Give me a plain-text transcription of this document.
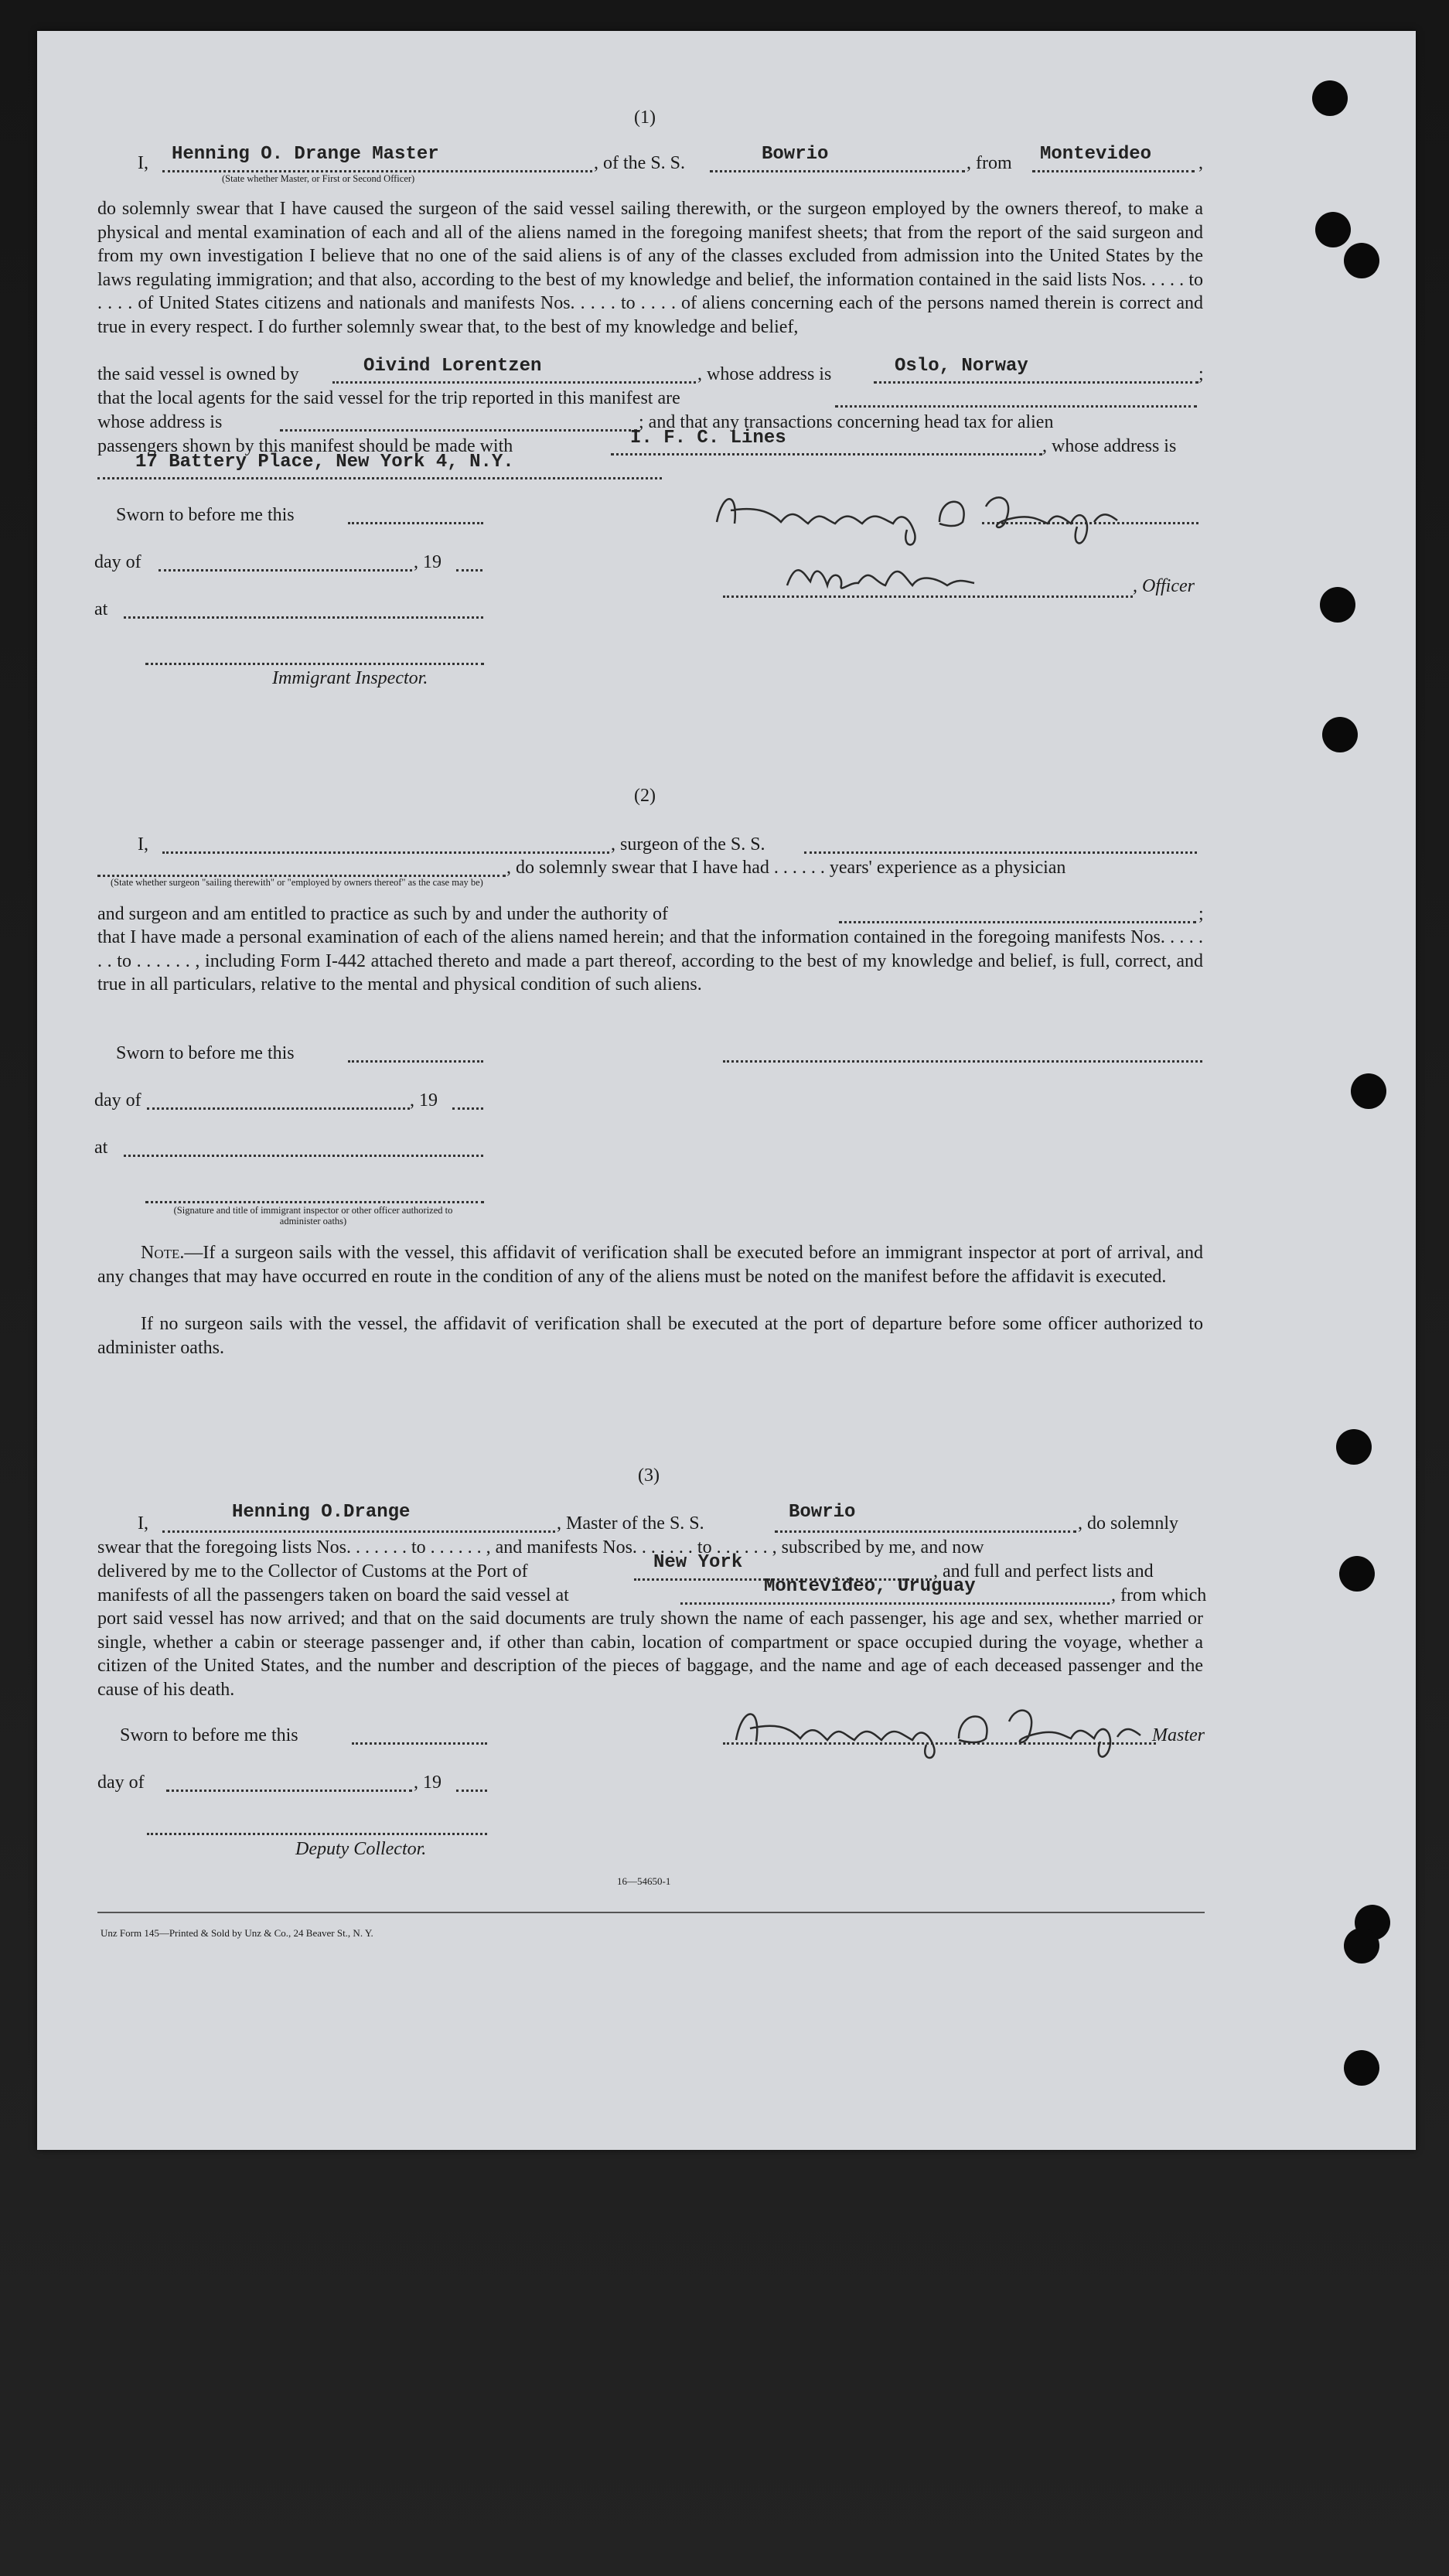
(1)
I, Henning O. Drange Master	, of the S. S.	Bowrio	, from Montevideo	,
(State whether Master, or First or Second Officer)
do solemnly swear that I have caused the surgeon of the said vessel sailing therewith, or the surgeon employed by the owners thereof, to make a physical and mental examination of each and all of the aliens named in the foregoing manifest sheets; that from the report of the said surgeon and from my own investigation I believe that no one of the said aliens is of any of the classes excluded from admission into the United States by the laws regulating immigration; and that also, according to the best of my knowledge and belief, the information contained in the said lists Nos. . . . . to . . . . of United States citizens and nationals and manifests Nos. . . . . to . . . . of aliens concerning each of the persons named therein is correct and true in every respect. I do further solemnly swear that, to the best of my knowledge and belief,
the said vessel is owned by	Oivind Lorentzen	, whose address is	Oslo, Norway	;
that the local agents for the said vessel for the trip reported in this manifest are
whose address is	; and that any transactions concerning head tax for alien
passengers shown by this manifest should be made with	I. F. C. Lines	, whose address is
17 Battery Place, New York 4, N.Y.
Sworn to before me this
day of	, 19
at
Immigrant Inspector.
, Officer
(2)
I,	, surgeon of the S. S.
, do solemnly swear that I have had . . . . . . years' experience as a physician
(State whether surgeon "sailing therewith" or "employed by owners thereof" as the case may be)
and surgeon and am entitled to practice as such by and under the authority of	;
that I have made a personal examination of each of the aliens named herein; and that the information contained in the foregoing manifests Nos. . . . . . . to . . . . . . , including Form I-442 attached thereto and made a part thereof, according to the best of my knowledge and belief, is full, correct, and true in all particulars, relative to the mental and physical condition of such aliens.
Sworn to before me this
day of	, 19
at
(Signature and title of immigrant inspector or other officer authorized to administer oaths)
Note.—If a surgeon sails with the vessel, this affidavit of verification shall be executed before an immigrant inspector at port of arrival, and any changes that may have occurred en route in the condition of any of the aliens must be noted on the manifest before the affidavit is executed.
If no surgeon sails with the vessel, the affidavit of verification shall be executed at the port of departure before some officer authorized to administer oaths.
(3)
I,
Henning O.Drange
, Master of the S. S.
Bowrio
, do solemnly
swear that the foregoing lists Nos. . . . . . . to . . . . . . , and manifests Nos. . . . . . . to . . . . . . , subscribed by me, and now
delivered by me to the Collector of Customs at the Port of	New York	, and full and perfect lists and
manifests of all the passengers taken on board the said vessel at	Montevideo, Uruguay	, from which
port said vessel has now arrived; and that on the said documents are truly shown the name of each passenger, his age and sex, whether married or single, whether a cabin or steerage passenger and, if other than cabin, location of compartment or space occupied during the voyage, whether a citizen of the United States, and the number and description of the pieces of baggage, and the name and age of each deceased passenger and the cause of his death.
Sworn to before me this	Master
day of	, 19
Deputy Collector.
16—54650-1
Unz Form 145—Printed & Sold by Unz & Co., 24 Beaver St., N. Y.
